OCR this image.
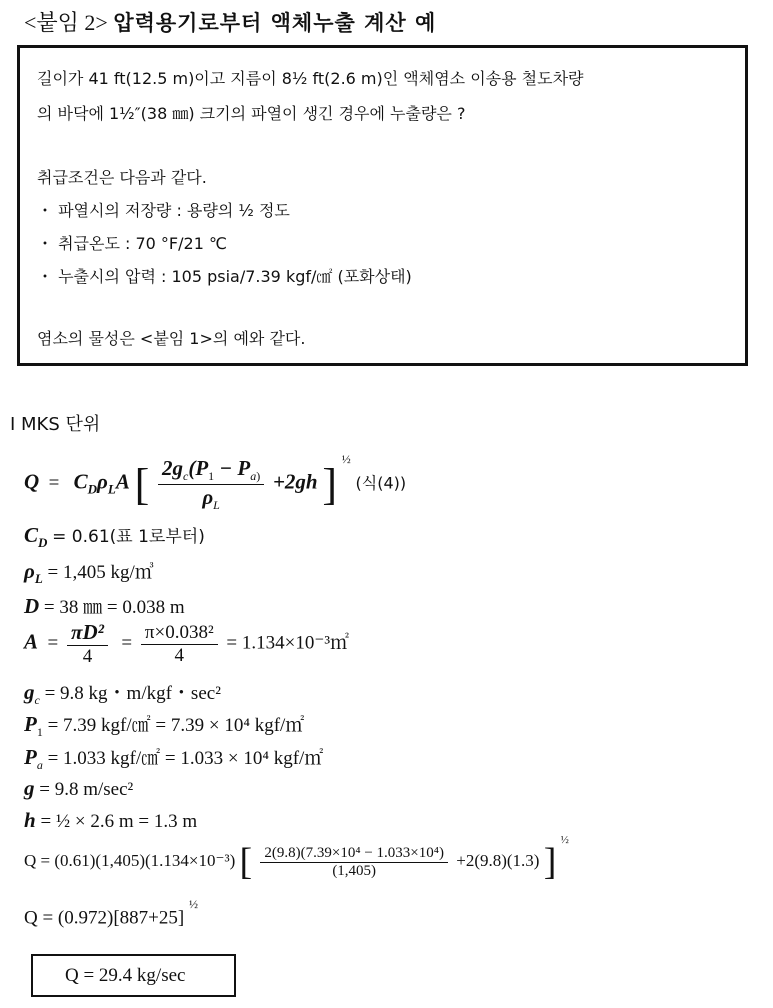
<붙임 2> 압력용기로부터 액체누출 계산 예
길이가 41 ft(12.5 m)이고 지름이 8½ ft(2.6 m)인 액체염소 이송용 철도차량
의 바닥에 1½″(38 ㎜) 크기의 파열이 생긴 경우에 누출량은 ?
취급조건은 다음과 같다.
・ 파열시의 저장량 : 용량의 ½ 정도
・ 취급온도 : 70 °F/21 ℃
・ 누출시의 압력 : 105 psia/7.39 kgf/㎠ (포화상태)
염소의 물성은 <붙임 1>의 예와 같다.
I MKS 단위
$Q = C_D\rho_LA$ [ $\frac{2g_c(P_1 - P_{a)}}{\rho_L} +2gh$ ] $^{\frac{1}{2}}$ (식(4))
$C_D = 0.61$(표 1로부터)
$\rho_L = 1,405$ kg/㎥
D = 38 ㎜ = 0.038 m
$A = \frac{\text{πD²}}{4} = \frac{\text{π×0.038²}}{4}$ = 1.134×10⁻³㎡
$g_c = 9.8$ kg・m/kgf・sec²
$P_1 = 7.39$ kgf/㎠ = 7.39 × 10⁴ kgf/㎡
$P_a = 1.033$ kgf/㎠ = 1.033 × 10⁴ kgf/㎡
g = 9.8 m/sec²
h = ½ × 2.6 m = 1.3 m
Q = (0.61)(1,405)(1.134×10⁻³) [ $\frac{\text{2(9.8)(7.39×10⁴ − 1.033×10⁴)}}{(1,405)} +2(9.8)(1.3)$ ] $^{\frac{1}{2}}$
Q = (0.972)[887+25] $^{\frac{1}{2}}$
Q = 29.4 kg/sec
